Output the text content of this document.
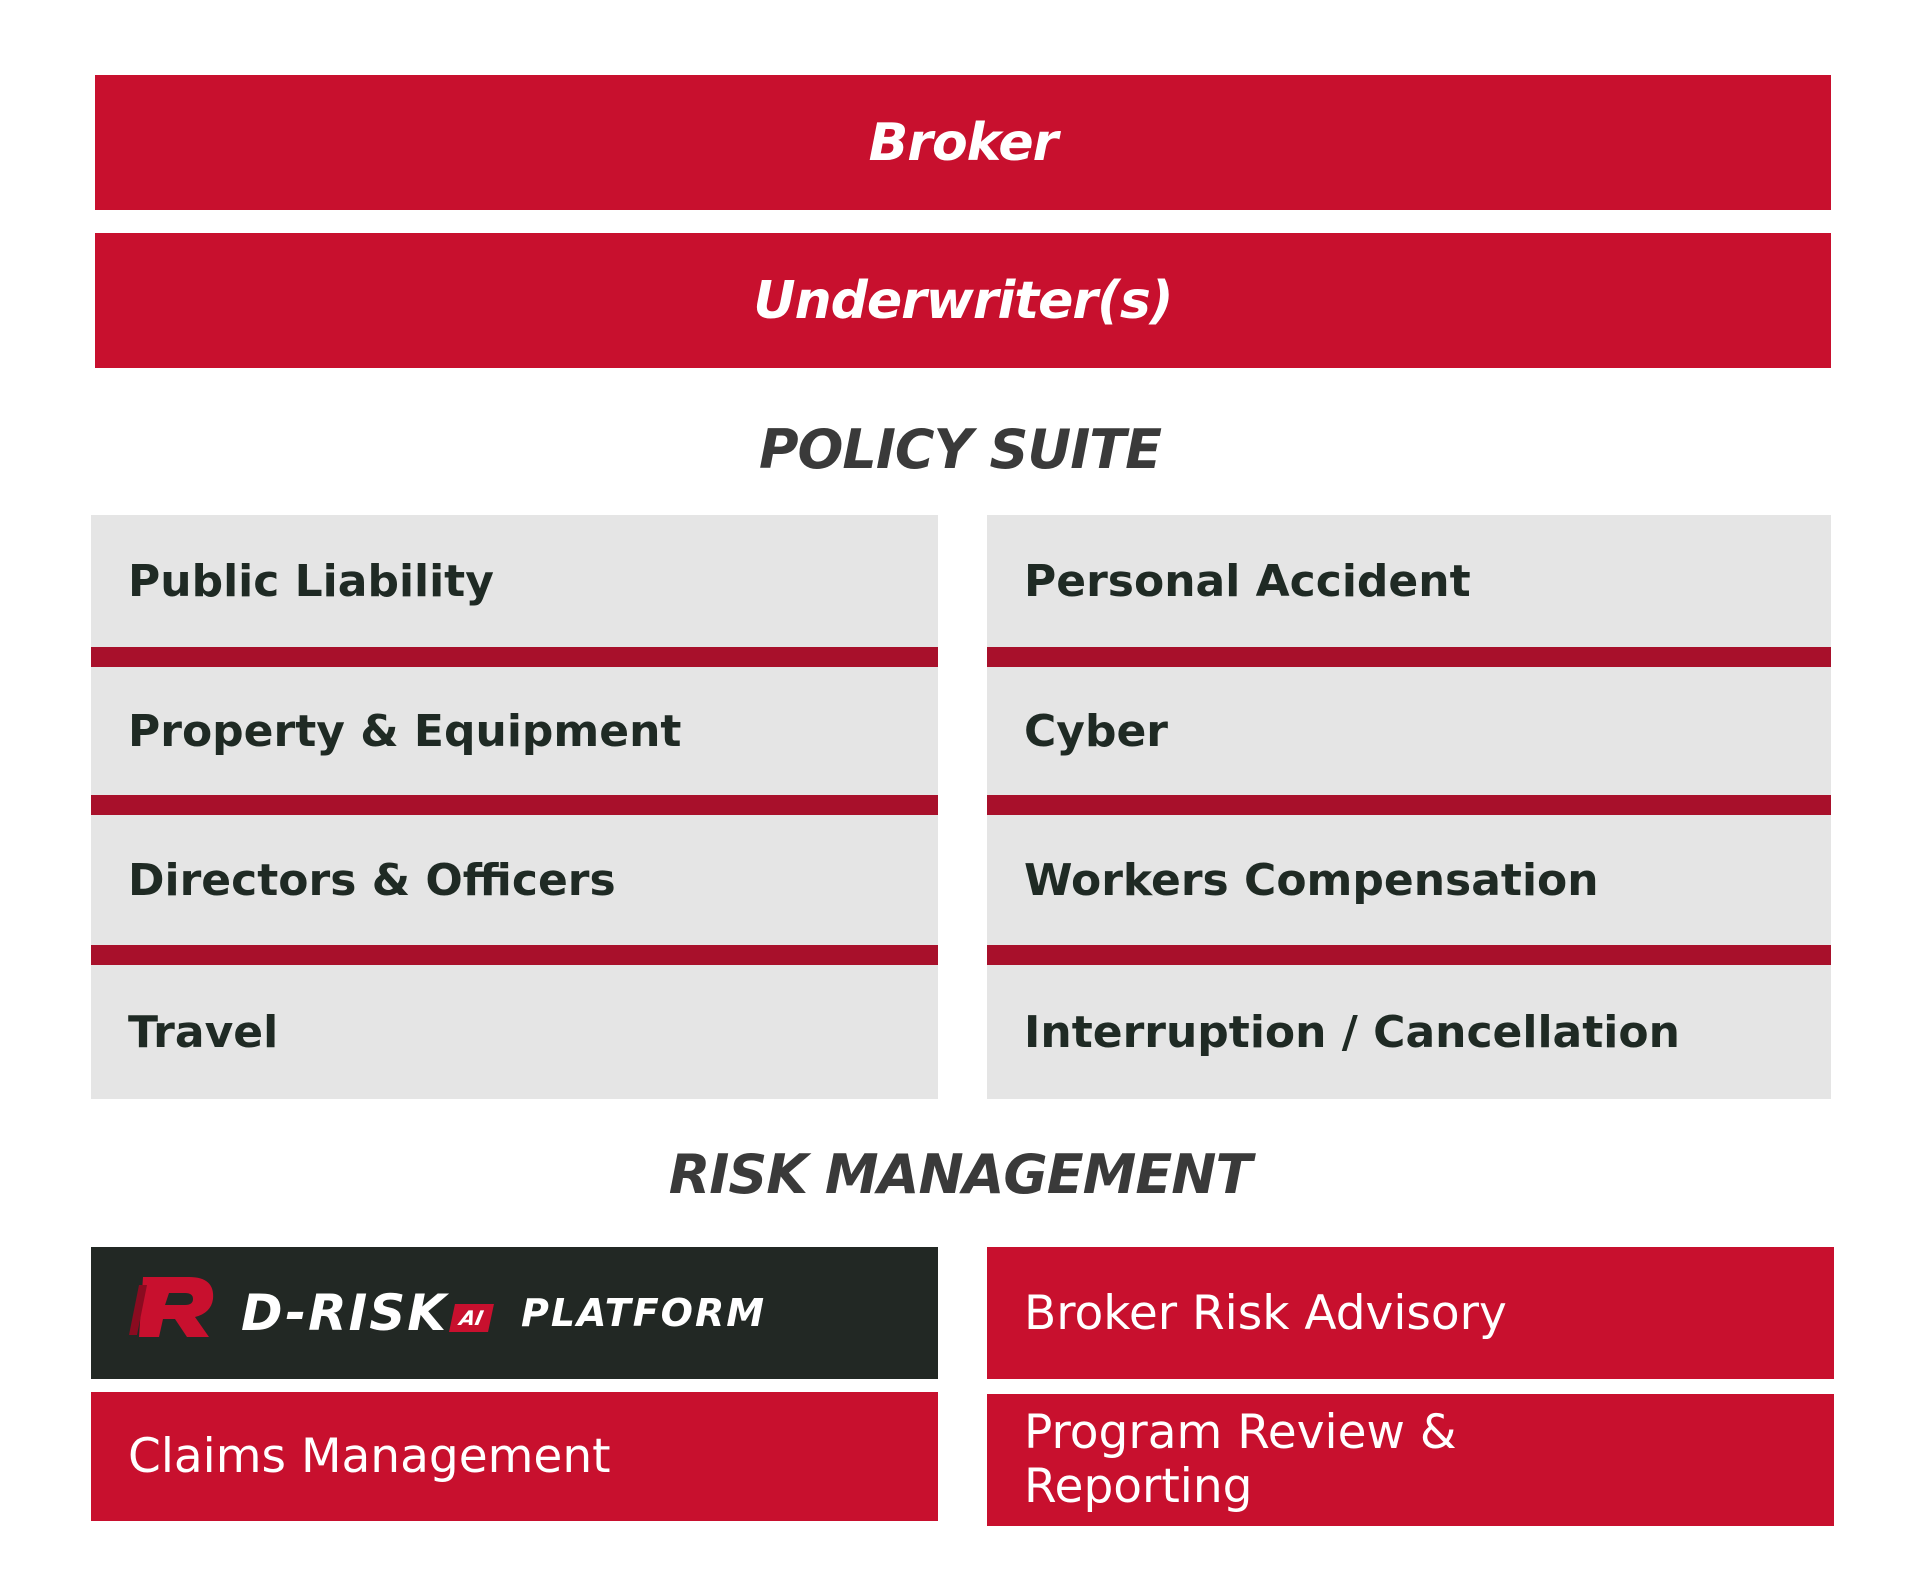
Broker
Underwriter(s)
POLICY SUITE
Public Liability
Property & Equipment
Directors & Officers
Travel
Personal Accident
Cyber
Workers Compensation
Interruption / Cancellation
RISK MANAGEMENT
D-RISK AI PLATFORM
Claims Management
Broker Risk Advisory
Program Review &
Reporting
